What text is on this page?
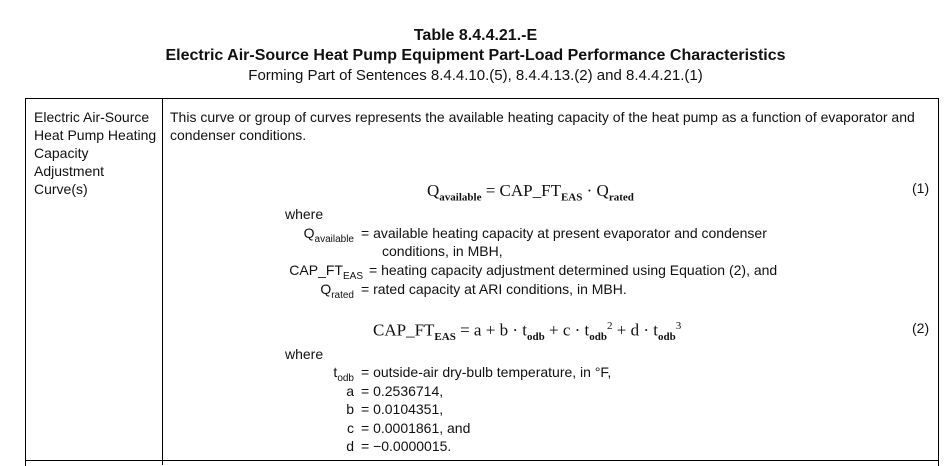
Table 8.4.4.21.-E
Electric Air-Source Heat Pump Equipment Part-Load Performance Characteristics
Forming Part of Sentences 8.4.4.10.(5), 8.4.4.13.(2) and 8.4.4.21.(1)
Electric Air-Source Heat Pump Heating Capacity Adjustment Curve(s)
This curve or group of curves represents the available heating capacity of the heat pump as a function of evaporator and condenser conditions.
$Q_{available}$ = $CAP\_FT_{EAS} \cdot Q_{rated}$
(1)
where
$Q_{available}$ = available heating capacity at present evaporator and condenser
conditions, in MBH,
$CAP\_FT_{EAS}$ = heating capacity adjustment determined using Equation (2), and
$Q_{rated}$ = rated capacity at ARI conditions, in MBH.
$CAP\_FT_{EAS} = a + b \cdot t_{odb} + c \cdot t_{odb}^2 + d \cdot t_{odb}^3$	(2)
where
$t_{odb}$ = outside-air dry-bulb temperature, in °F,
a = 0.2536714,
b = 0.0104351,
c = 0.0001861, and
d = −0.0000015.
